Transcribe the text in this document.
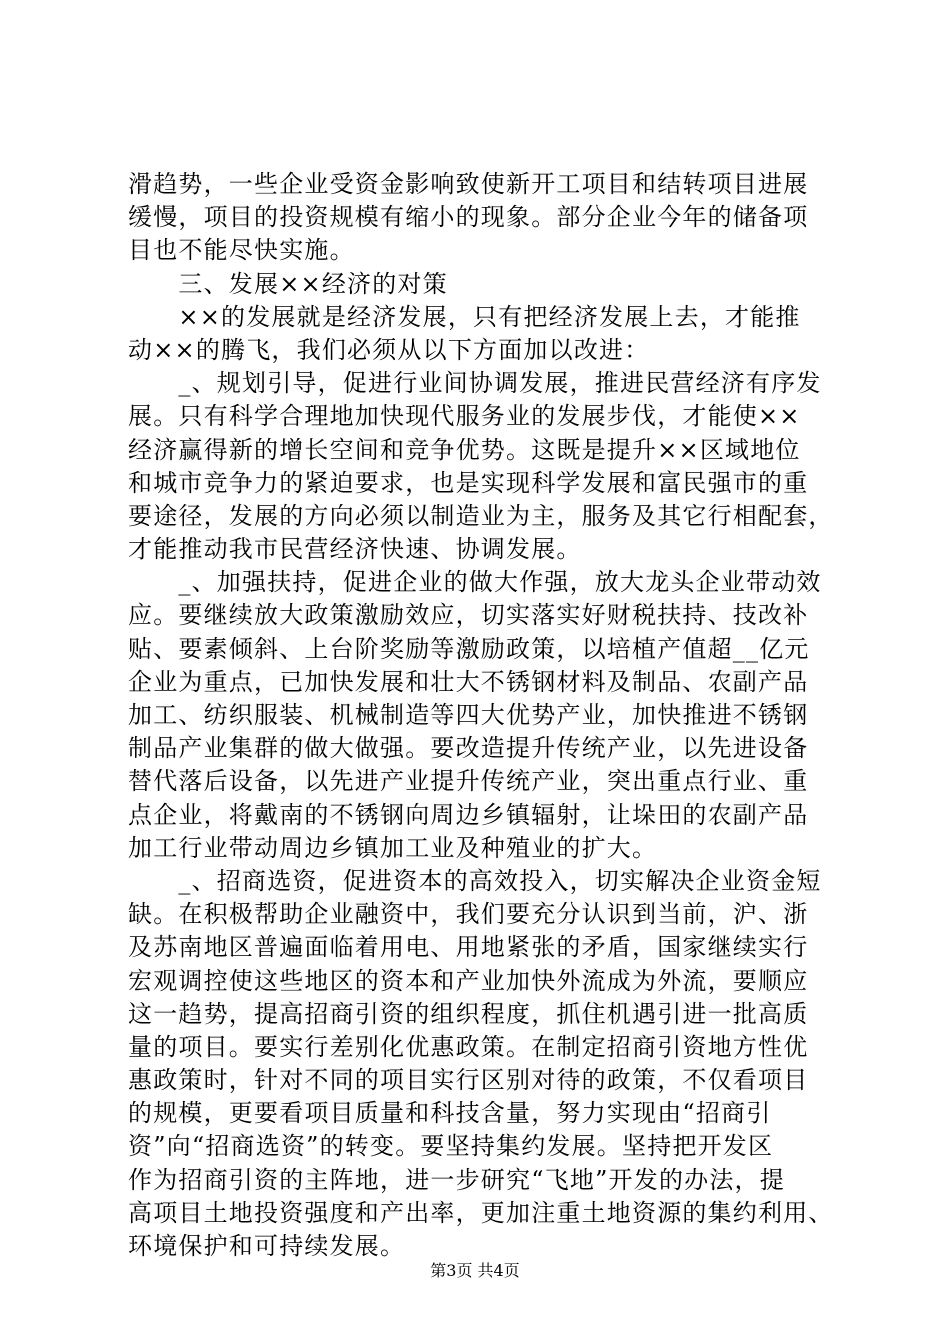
滑趋势，一些企业受资金影响致使新开工项目和结转项目进展
缓慢，项目的投资规模有缩小的现象。部分企业今年的储备项
目也不能尽快实施。
　　三、发展××经济的对策
　　××的发展就是经济发展，只有把经济发展上去，才能推
动××的腾飞，我们必须从以下方面加以改进：
　　_、规划引导，促进行业间协调发展，推进民营经济有序发
展。只有科学合理地加快现代服务业的发展步伐，才能使××
经济赢得新的增长空间和竞争优势。这既是提升××区域地位
和城市竞争力的紧迫要求，也是实现科学发展和富民强市的重
要途径，发展的方向必须以制造业为主，服务及其它行相配套，
才能推动我市民营经济快速、协调发展。
　　_、加强扶持，促进企业的做大作强，放大龙头企业带动效
应。要继续放大政策激励效应，切实落实好财税扶持、技改补
贴、要素倾斜、上台阶奖励等激励政策，以培植产值超__亿元
企业为重点，已加快发展和壮大不锈钢材料及制品、农副产品
加工、纺织服装、机械制造等四大优势产业，加快推进不锈钢
制品产业集群的做大做强。要改造提升传统产业，以先进设备
替代落后设备，以先进产业提升传统产业，突出重点行业、重
点企业，将戴南的不锈钢向周边乡镇辐射，让垛田的农副产品
加工行业带动周边乡镇加工业及种殖业的扩大。
　　_、招商选资，促进资本的高效投入，切实解决企业资金短
缺。在积极帮助企业融资中，我们要充分认识到当前，沪、浙
及苏南地区普遍面临着用电、用地紧张的矛盾，国家继续实行
宏观调控使这些地区的资本和产业加快外流成为外流，要顺应
这一趋势，提高招商引资的组织程度，抓住机遇引进一批高质
量的项目。要实行差别化优惠政策。在制定招商引资地方性优
惠政策时，针对不同的项目实行区别对待的政策，不仅看项目
的规模，更要看项目质量和科技含量，努力实现由“招商引
资”向“招商选资”的转变。要坚持集约发展。坚持把开发区
作为招商引资的主阵地，进一步研究“飞地”开发的办法，提
高项目土地投资强度和产出率，更加注重土地资源的集约利用、
环境保护和可持续发展。
第3页 共4页
